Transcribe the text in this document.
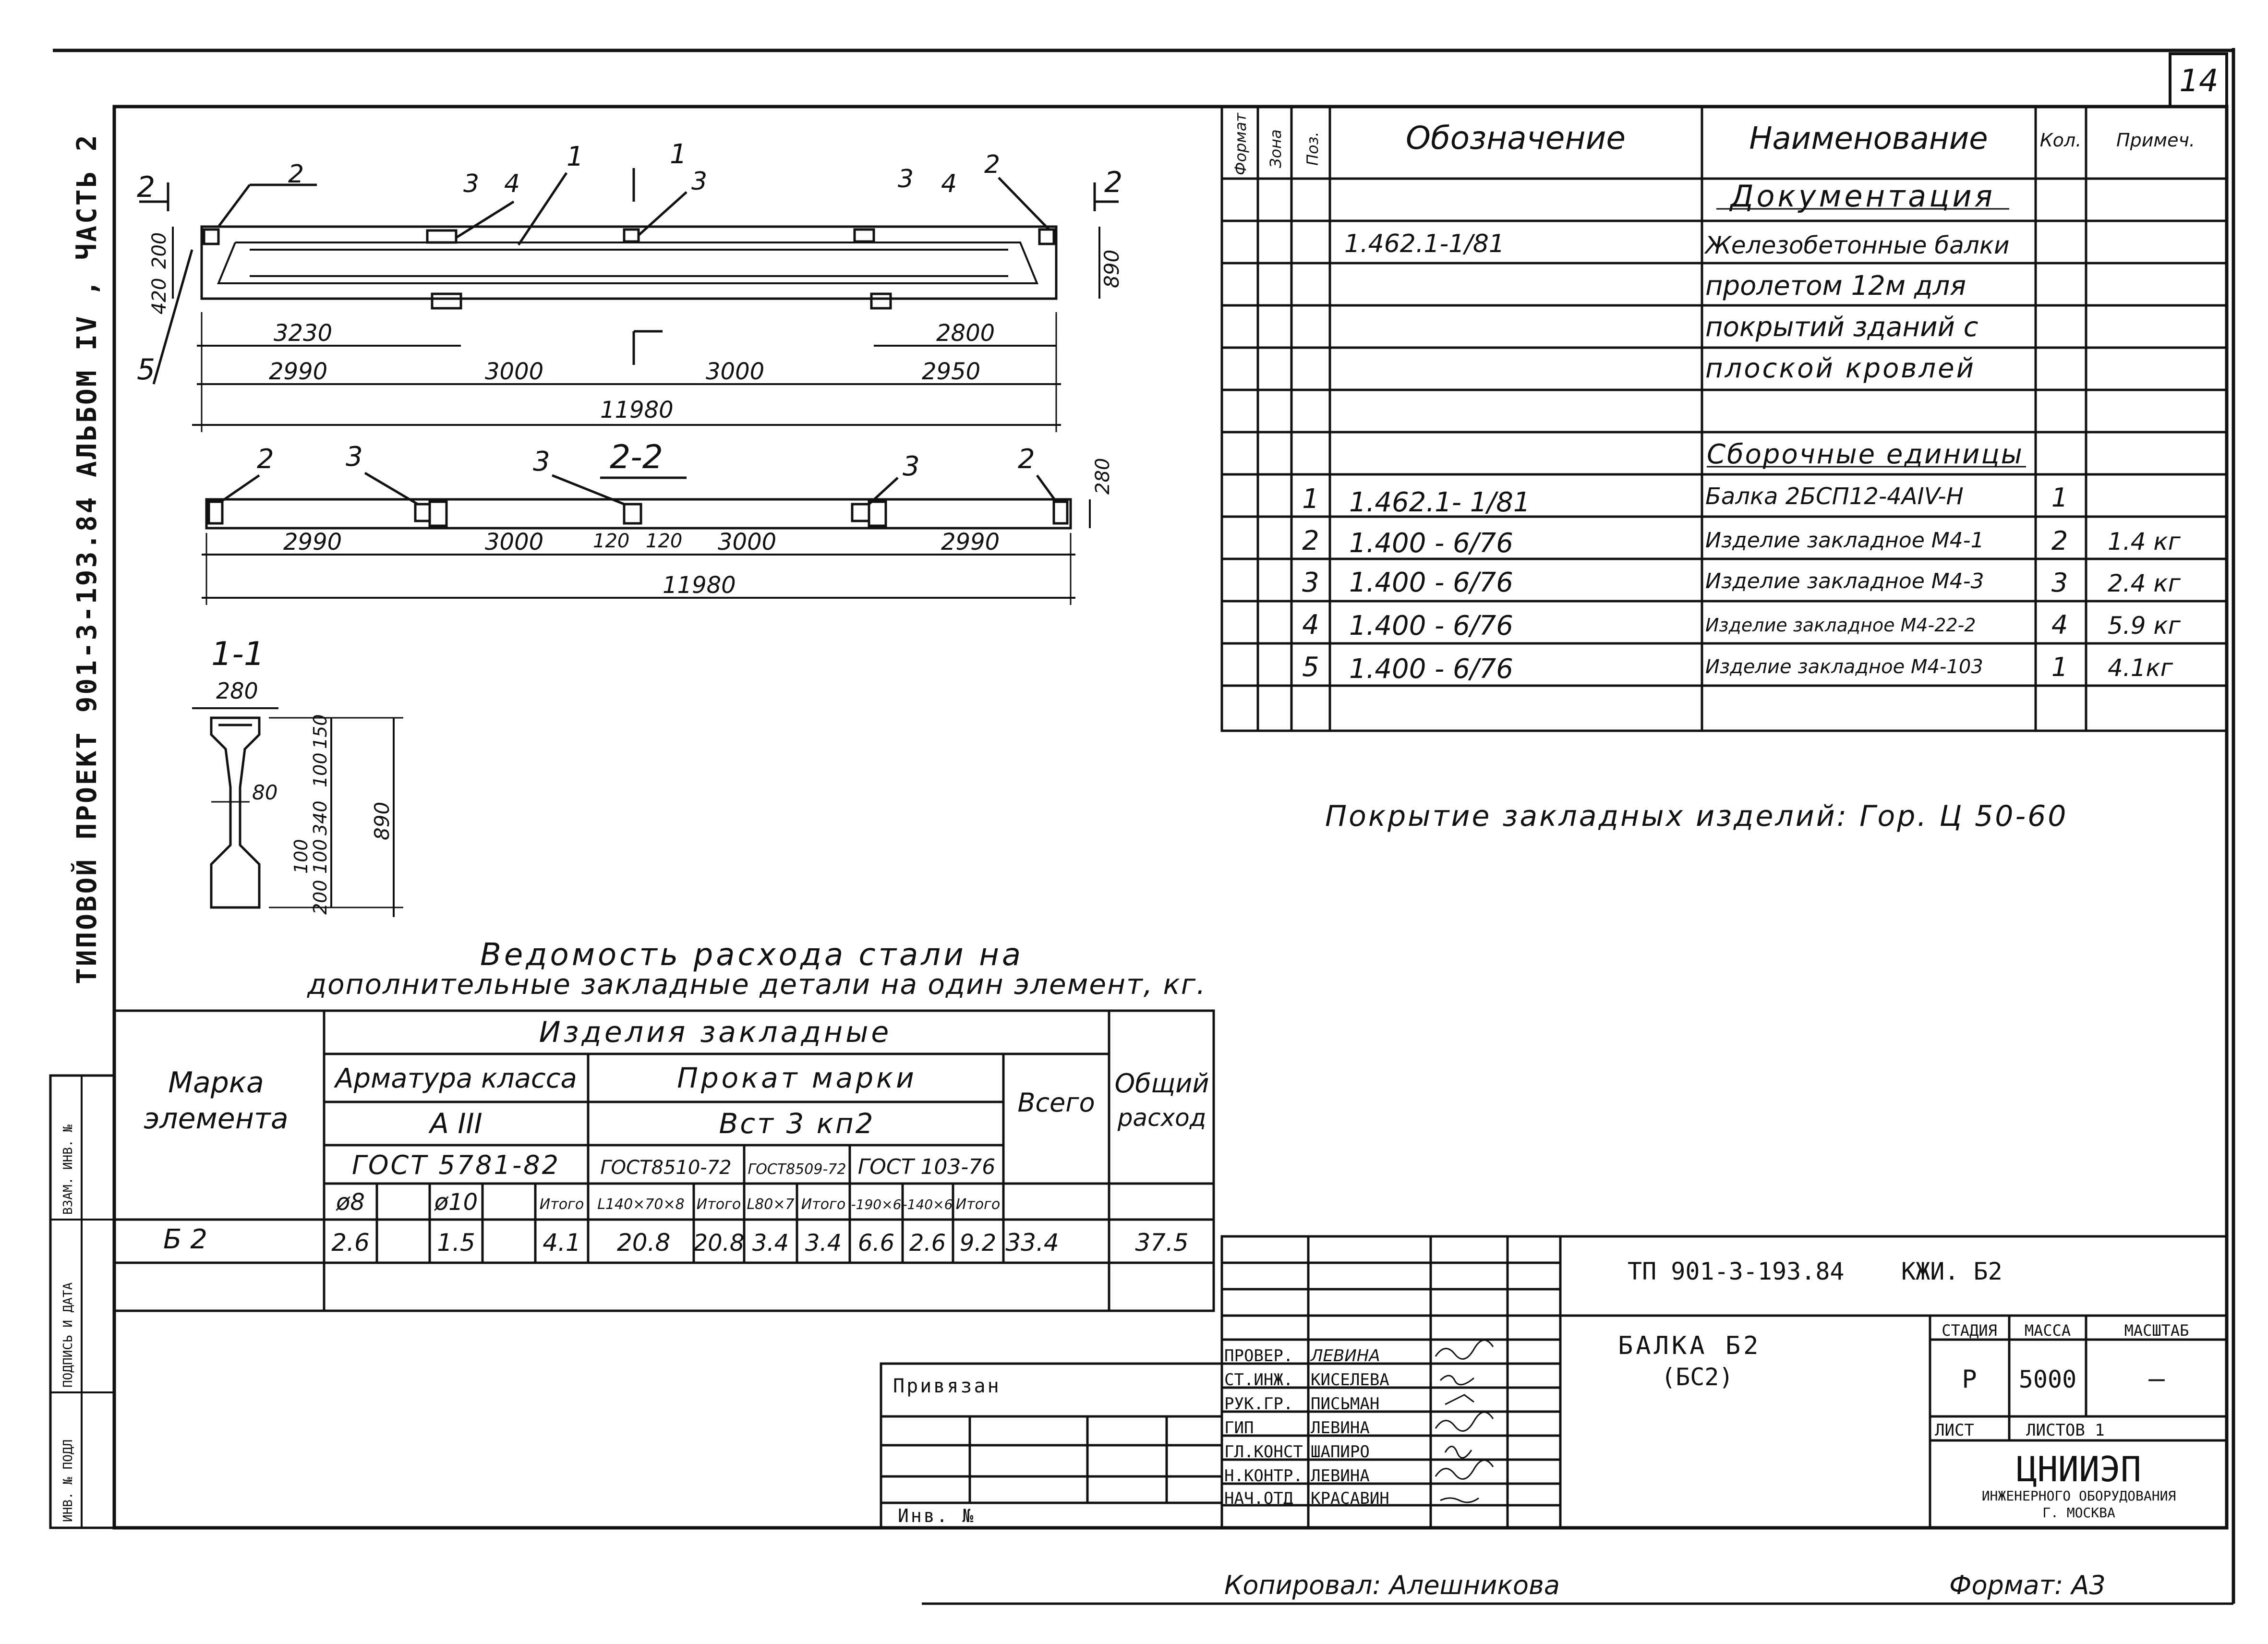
14
ТИПОВОЙ ПРОЕКТ 901-3-193.84 АЛЬБОМ IV , ЧАСТЬ 2
ИНВ. № ПОДЛ
ПОДПИСЬ И ДАТА
ВЗАМ. ИНВ. №
2	2
1	1
3 4	3	4
3	2
2
5
200
420
890
3230	2800
2990	3000	3000	2950
11980
2-2
2	3	3	3	2	280
2990	3000	120 120 3000	2990
11980
1-1
280
80
150
100
340
100
100
200
890
Формат Зона Поз.	Обозначение	Наименование	Кол. Примеч.
Документация
1.462.1-1/81	Железобетонные балки
пролетом 12м для
покрытий зданий с
плоской кровлей
Сборочные единицы
1 1.462.1- 1/81	Балка 2БСП12-4АIV-Н	1
2 1.400 - 6/76	Изделие закладное М4-1	2 1.4 кг
3 1.400 - 6/76	Изделие закладное М4-3	3 2.4 кг
4 1.400 - 6/76	Изделие закладное М4-22-2	4 5.9 кг
5 1.400 - 6/76	Изделие закладное М4-103	1 4.1кг
Покрытие закладных изделий: Гор. Ц 50-60
Ведомость расхода стали на
дополнительные закладные детали на один элемент, кг.
Марка
элемента
Изделия закладные
Арматура класса
А III
ГОСТ 5781-82
Прокат марки
Вст 3 кп2
ГОСТ8510-72 ГОСТ8509-72 ГОСТ 103-76
Всего
Общий
расход
ø8	ø10	Итого L140×70×8 Итого L80×7 Итого -190×6 -140×6 Итого
Б 2	2.6	1.5	4.1 20.8 20.8 3.4 3.4 6.6 2.6 9.2 33.4	37.5
Привязан
Инв. №
ПРОВЕР. ЛЕВИНА
СТ.ИНЖ. КИСЕЛЕВА
РУК.ГР. ПИСЬМАН
ГИП	ЛЕВИНА
ГЛ.КОНСТ ШАПИРО
Н.КОНТР. ЛЕВИНА
НАЧ.ОТД КРАСАВИН
ТП 901-3-193.84 КЖИ. Б2
БАЛКА Б2
(БС2)
СТАДИЯ МАССА	МАСШТАБ
Р 5000	—
ЛИСТ	ЛИСТОВ 1
ЦНИИЭП
ИНЖЕНЕРНОГО ОБОРУДОВАНИЯ
Г. МОСКВА
Копировал: Алешникова	Формат: А3
